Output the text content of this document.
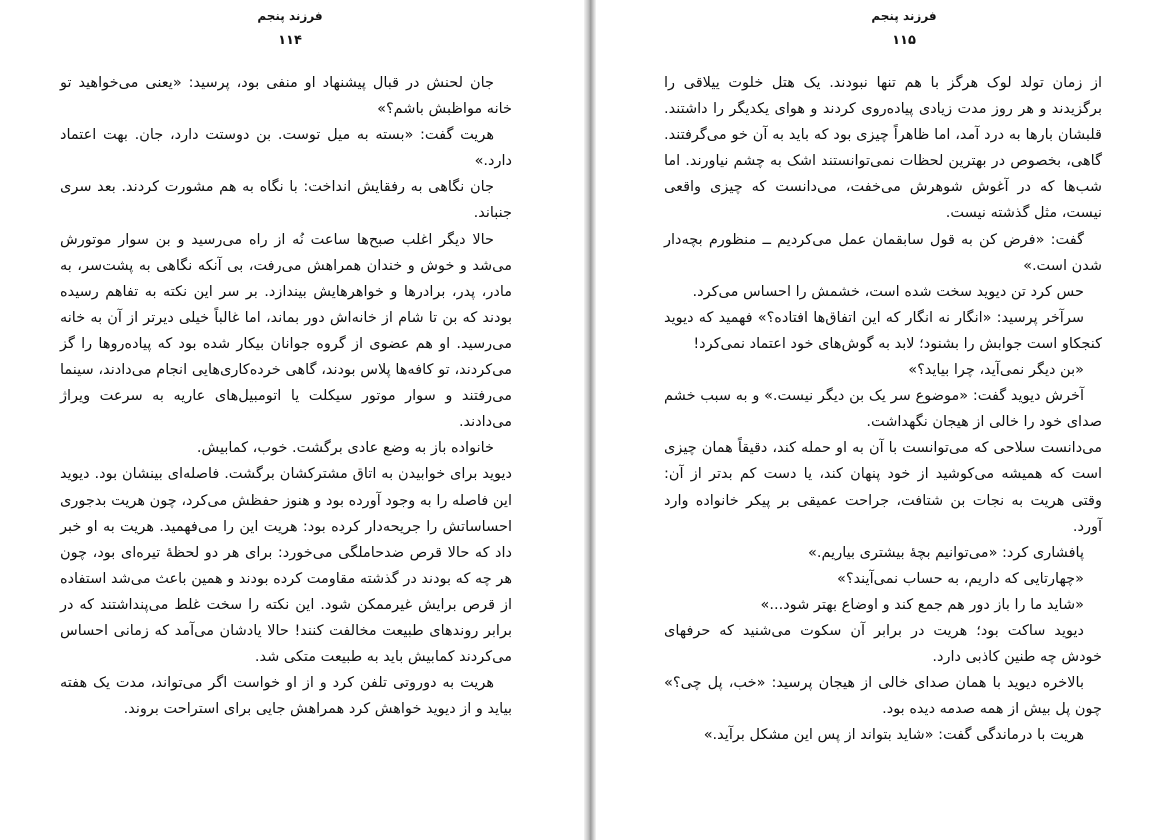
فرزند پنجم
۱۱۴

جان لحنش در قبال پیشنهاد او منفی بود، پرسید: «یعنی می‌خواهید تو خانه مواظبش باشم؟»

هریت گفت: «بسته به میل توست. بن دوستت دارد، جان. بهت اعتماد دارد.»

جان نگاهی به رفقایش انداخت: با نگاه به هم مشورت کردند. بعد سری جنباند.

حالا دیگر اغلب صبح‌ها ساعت نُه از راه می‌رسید و بن سوار موتورش می‌شد و خوش و خندان همراهش می‌رفت، بی آنکه نگاهی به پشت‌سر، به مادر، پدر، برادرها و خواهرهایش بیندازد. بر سر این نکته به تفاهم رسیده بودند که بن تا شام از خانه‌اش دور بماند، اما غالباً خیلی دیرتر از آن به خانه می‌رسید. او هم عضوی از گروه جوانان بیکار شده بود که پیاده‌روها را گز می‌کردند، تو کافه‌ها پلاس بودند، گاهی خرده‌کاری‌هایی انجام می‌دادند، سینما می‌رفتند و سوار موتور سیکلت یا اتومبیل‌های عاریه به سرعت ویراژ می‌دادند.

خانواده باز به وضع عادی برگشت. خوب، کمابیش.

دیوید برای خوابیدن به اتاق مشترکشان برگشت. فاصله‌ای بینشان بود. دیوید این فاصله را به وجود آورده بود و هنوز حفظش می‌کرد، چون هریت بدجوری احساساتش را جریحه‌دار کرده بود: هریت این را می‌فهمید. هریت به او خبر داد که حالا قرص ضدحاملگی می‌خورد: برای هر دو لحظهٔ تیره‌ای بود، چون هر چه که بودند در گذشته مقاومت کرده بودند و همین باعث می‌شد استفاده از قرص برایش غیرممکن شود. این نکته را سخت غلط می‌پنداشتند که در برابر روندهای طبیعت مخالفت کنند! حالا یادشان می‌آمد که زمانی احساس می‌کردند کمابیش باید به طبیعت متکی شد.

هریت به دوروتی تلفن کرد و از او خواست اگر می‌تواند، مدت یک هفته بیاید و از دیوید خواهش کرد همراهش جایی برای استراحت بروند.

فرزند پنجم
۱۱۵

از زمان تولد لوک هرگز با هم تنها نبودند. یک هتل خلوت ییلاقی را برگزیدند و هر روز مدت زیادی پیاده‌روی کردند و هوای یکدیگر را داشتند. قلبشان بارها به درد آمد، اما ظاهراً چیزی بود که باید به آن خو می‌گرفتند. گاهی، بخصوص در بهترین لحظات نمی‌توانستند اشک به چشم نیاورند. اما شب‌ها که در آغوش شوهرش می‌خفت، می‌دانست که چیزی واقعی نیست، مثل گذشته نیست.

گفت: «فرض کن به قول سابقمان عمل می‌کردیم ــ منظورم بچه‌دار شدن است.»

حس کرد تن دیوید سخت شده است، خشمش را احساس می‌کرد.

سرآخر پرسید: «انگار نه انگار که این اتفاق‌ها افتاده؟» فهمید که دیوید کنجکاو است جوابش را بشنود؛ لابد به گوش‌های خود اعتماد نمی‌کرد!

«بن دیگر نمی‌آید، چرا بیاید؟»

آخرش دیوید گفت: «موضوع سر یک بن دیگر نیست.» و به سبب خشم صدای خود را خالی از هیجان نگهداشت.

می‌دانست سلاحی که می‌توانست با آن به او حمله کند، دقیقاً همان چیزی است که همیشه می‌کوشید از خود پنهان کند، یا دست کم بدتر از آن: وقتی هریت به نجات بن شتافت، جراحت عمیقی بر پیکر خانواده وارد آورد.

پافشاری کرد: «می‌توانیم بچهٔ بیشتری بیاریم.»

«چهارتایی که داریم، به حساب نمی‌آیند؟»

«شاید ما را باز دور هم جمع کند و اوضاع بهتر شود...»

دیوید ساکت بود؛ هریت در برابر آن سکوت می‌شنید که حرفهای خودش چه طنین کاذبی دارد.

بالاخره دیوید با همان صدای خالی از هیجان پرسید: «خب، پل چی؟» چون پل بیش از همه صدمه دیده بود.

هریت با درماندگی گفت: «شاید بتواند از پس این مشکل برآید.»
